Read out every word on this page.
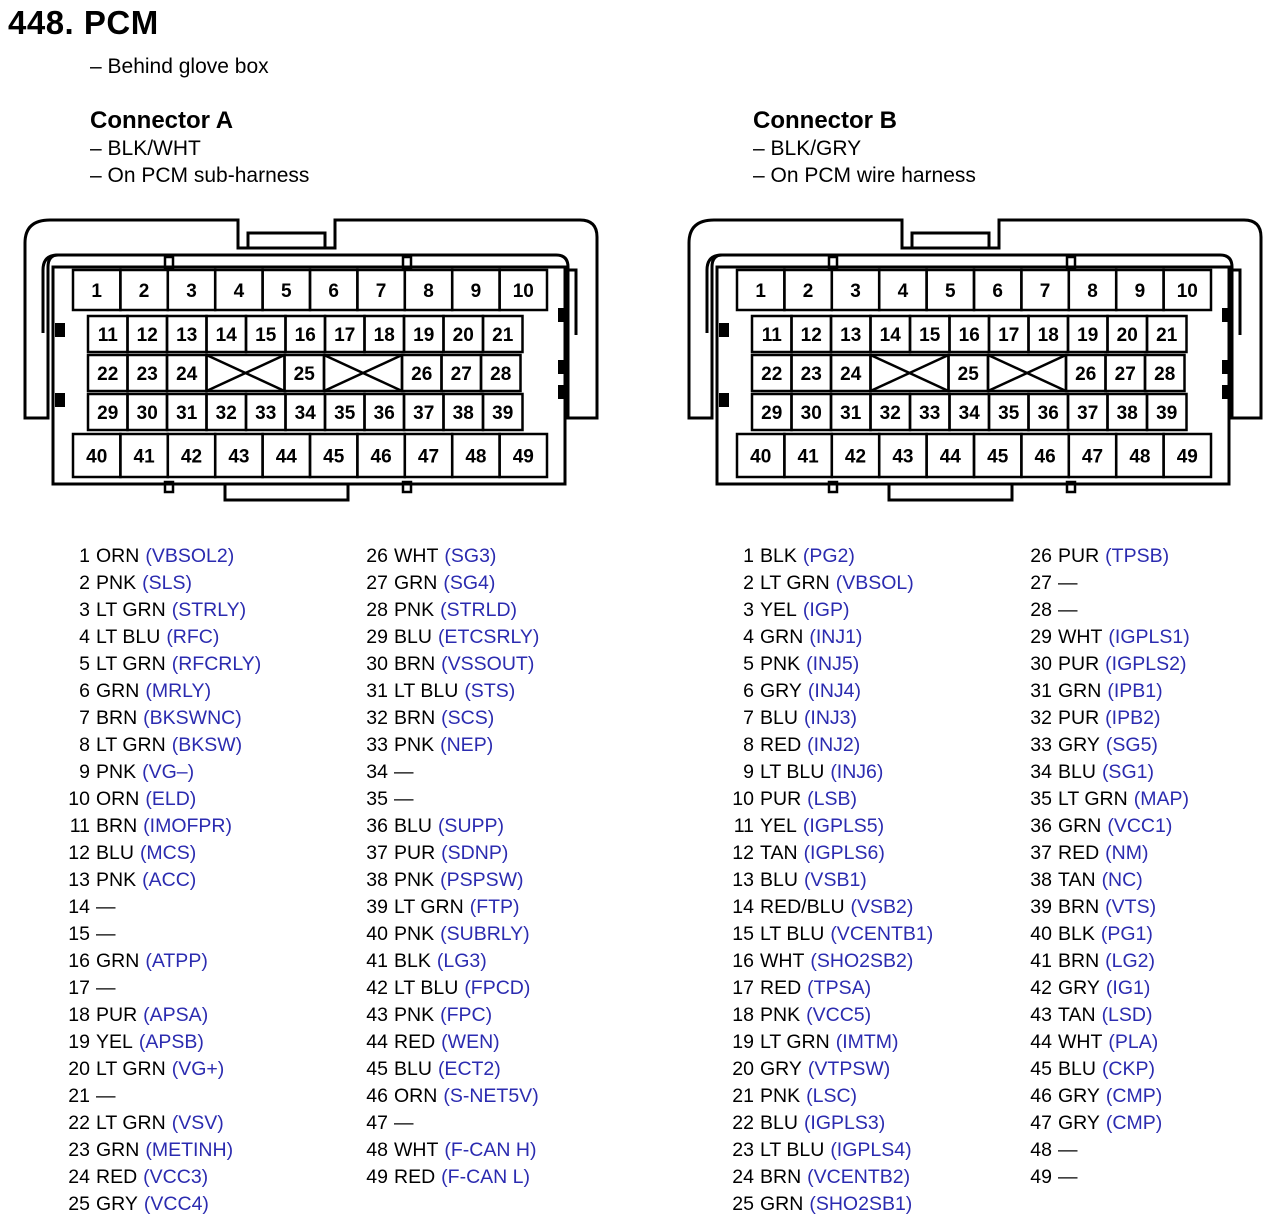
448. PCM
– Behind glove box
Connector A
– BLK/WHT
– On PCM sub-harness
Connector B
– BLK/GRY
– On PCM wire harness
1 2 3 4 5 6 7 8 9 10
11 12 13 14 15 16 17 18 19 20 21
22 23 24	25	26 27 28
29 30 31 32 33 34 35 36 37 38 39
40 41 42 43 44 45 46 47 48 49
1 2 3 4 5 6 7 8 9 10
11 12 13 14 15 16 17 18 19 20 21
22 23 24	25	26 27 28
29 30 31 32 33 34 35 36 37 38 39
40 41 42 43 44 45 46 47 48 49
1 ORN (VBSOL2)
2 PNK (SLS)
3 LT GRN (STRLY)
4 LT BLU (RFC)
5 LT GRN (RFCRLY)
6 GRN (MRLY)
7 BRN (BKSWNC)
8 LT GRN (BKSW)
9 PNK (VG–)
10 ORN (ELD)
11 BRN (IMOFPR)
12 BLU (MCS)
13 PNK (ACC)
14 —
15 —
16 GRN (ATPP)
17 —
18 PUR (APSA)
19 YEL (APSB)
20 LT GRN (VG+)
21 —
22 LT GRN (VSV)
23 GRN (METINH)
24 RED (VCC3)
25 GRY (VCC4)
26 WHT (SG3)
27 GRN (SG4)
28 PNK (STRLD)
29 BLU (ETCSRLY)
30 BRN (VSSOUT)
31 LT BLU (STS)
32 BRN (SCS)
33 PNK (NEP)
34 —
35 —
36 BLU (SUPP)
37 PUR (SDNP)
38 PNK (PSPSW)
39 LT GRN (FTP)
40 PNK (SUBRLY)
41 BLK (LG3)
42 LT BLU (FPCD)
43 PNK (FPC)
44 RED (WEN)
45 BLU (ECT2)
46 ORN (S-NET5V)
47 —
48 WHT (F-CAN H)
49 RED (F-CAN L)
1 BLK (PG2)
2 LT GRN (VBSOL)
3 YEL (IGP)
4 GRN (INJ1)
5 PNK (INJ5)
6 GRY (INJ4)
7 BLU (INJ3)
8 RED (INJ2)
9 LT BLU (INJ6)
10 PUR (LSB)
11 YEL (IGPLS5)
12 TAN (IGPLS6)
13 BLU (VSB1)
14 RED/BLU (VSB2)
15 LT BLU (VCENTB1)
16 WHT (SHO2SB2)
17 RED (TPSA)
18 PNK (VCC5)
19 LT GRN (IMTM)
20 GRY (VTPSW)
21 PNK (LSC)
22 BLU (IGPLS3)
23 LT BLU (IGPLS4)
24 BRN (VCENTB2)
25 GRN (SHO2SB1)
26 PUR (TPSB)
27 —
28 —
29 WHT (IGPLS1)
30 PUR (IGPLS2)
31 GRN (IPB1)
32 PUR (IPB2)
33 GRY (SG5)
34 BLU (SG1)
35 LT GRN (MAP)
36 GRN (VCC1)
37 RED (NM)
38 TAN (NC)
39 BRN (VTS)
40 BLK (PG1)
41 BRN (LG2)
42 GRY (IG1)
43 TAN (LSD)
44 WHT (PLA)
45 BLU (CKP)
46 GRY (CMP)
47 GRY (CMP)
48 —
49 —
